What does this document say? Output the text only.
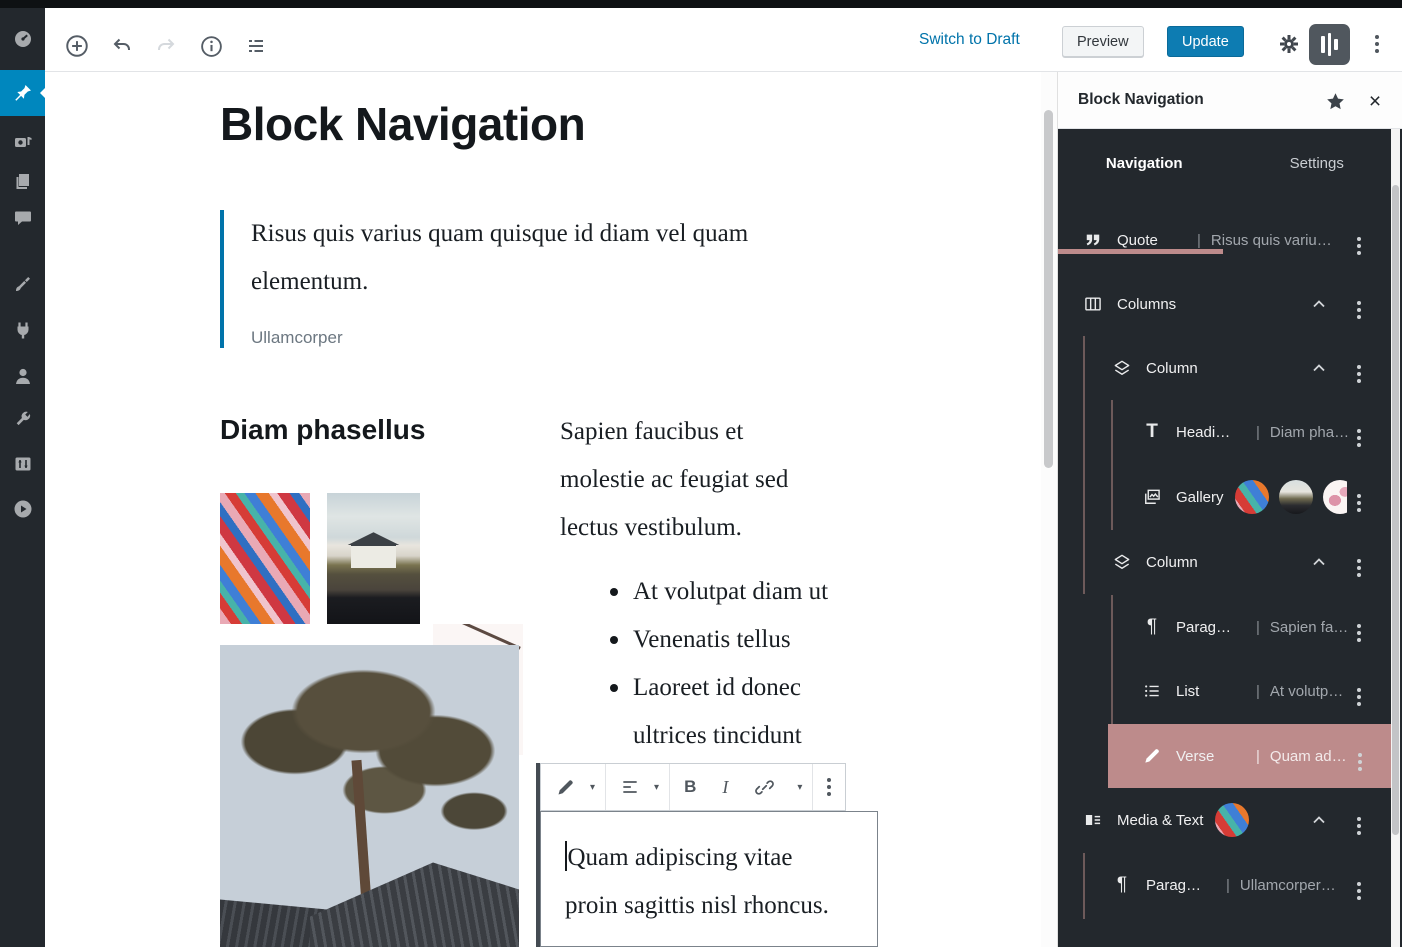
Switch to Draft	Preview	Update
Block Navigation
Risus quis varius quam quisque id diam vel quam
elementum.
Ullamcorper
Diam phasellus	Sapien faucibus et
molestie ac feugiat sed
lectus vestibulum.
At volutpat diam ut
Venenatis tellus
Laoreet id donec ultrices tincidunt
▾	▾ B I	▾
Quam adipiscing vitae
proin sagittis nisl rhoncus.
Block Navigation	×
Navigation	Settings
Quote	| Risus quis variu…
Columns
Column
T	Headi…	| Diam pha…
Gallery
Column
¶	Parag…	| Sapien fa…
List	| At volutp…
Verse	| Quam ad…
Media & Text
¶	Parag…	| Ullamcorper…
